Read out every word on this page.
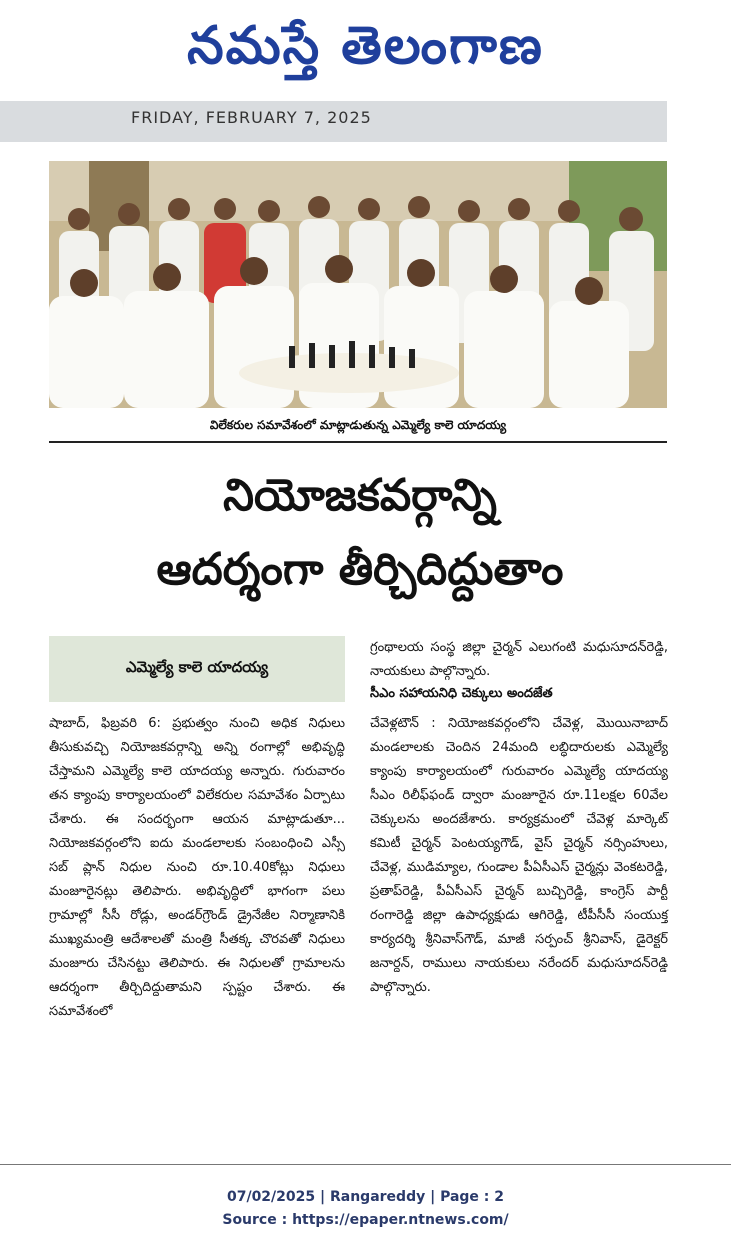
నమస్తే తెలంగాణ
FRIDAY, FEBRUARY 7, 2025
విలేకరుల సమావేశంలో మాట్లాడుతున్న ఎమ్మెల్యే కాలె యాదయ్య
నియోజకవర్గాన్ని
ఆదర్శంగా తీర్చిదిద్దుతాం
ఎమ్మెల్యే కాలె యాదయ్య

షాబాద్, ఫిబ్రవరి 6: ప్రభుత్వం నుంచి అధిక నిధులు తీసుకువచ్చి నియోజకవర్గాన్ని అన్ని రంగాల్లో అభివృద్ధి చేస్తామని ఎమ్మెల్యే కాలె యాదయ్య అన్నారు. గురువారం తన క్యాంపు కార్యాలయంలో విలేకరుల సమావేశం ఏర్పాటు చేశారు. ఈ సందర్భంగా ఆయన మాట్లాడుతూ... నియోజకవర్గంలోని ఐదు మండలాలకు సంబంధించి ఎస్సీ సబ్ ప్లాన్ నిధుల నుంచి రూ.10.40కోట్లు నిధులు మంజూరైనట్లు తెలిపారు. అభివృద్ధిలో భాగంగా పలు గ్రామాల్లో సీసీ రోడ్లు, అండర్‌గ్రౌండ్ డ్రైనేజీల నిర్మాణానికి ముఖ్యమంత్రి ఆదేశాలతో మంత్రి సీతక్క చొరవతో నిధులు మంజూరు చేసినట్టు తెలిపారు. ఈ నిధులతో గ్రామాలను ఆదర్శంగా తీర్చిదిద్దుతామని స్పష్టం చేశారు. ఈ సమావేశంలో

గ్రంథాలయ సంస్థ జిల్లా చైర్మన్ ఎలుగంటి మధుసూదన్‌రెడ్డి, నాయకులు పాల్గొన్నారు.

సీఎం సహాయనిధి చెక్కులు అందజేత

చేవెళ్లటౌన్ : నియోజకవర్గంలోని చేవెళ్ల, మొయినాబాద్ మండలాలకు చెందిన 24మంది లబ్ధిదారులకు ఎమ్మెల్యే క్యాంపు కార్యాలయంలో గురువారం ఎమ్మెల్యే యాదయ్య సీఎం రిలీఫ్‌ఫండ్ ద్వారా మంజూరైన రూ.11లక్షల 60వేల చెక్కులను అందజేశారు. కార్యక్రమంలో చేవెళ్ల మార్కెట్ కమిటీ చైర్మన్ పెంటయ్యగౌడ్, వైస్ చైర్మన్ నర్సింహులు, చేవెళ్ల, ముడిమ్యాల, గుండాల పీఏసీఎస్ చైర్మన్లు వెంకటరెడ్డి, ప్రతాప్‌రెడ్డి, పీఏసీఎస్ చైర్మన్ బుచ్చిరెడ్డి, కాంగ్రెస్ పార్టీ రంగారెడ్డి జిల్లా ఉపాధ్యక్షుడు ఆగిరెడ్డి, టీపీసీసీ సంయుక్త కార్యదర్శి శ్రీనివాస్‌గౌడ్, మాజీ సర్పంచ్ శ్రీనివాస్, డైరెక్టర్ జనార్దన్, రాములు నాయకులు నరేందర్ మధుసూదన్‌రెడ్డి పాల్గొన్నారు.

07/02/2025 | Rangareddy | Page : 2
Source : https://epaper.ntnews.com/
